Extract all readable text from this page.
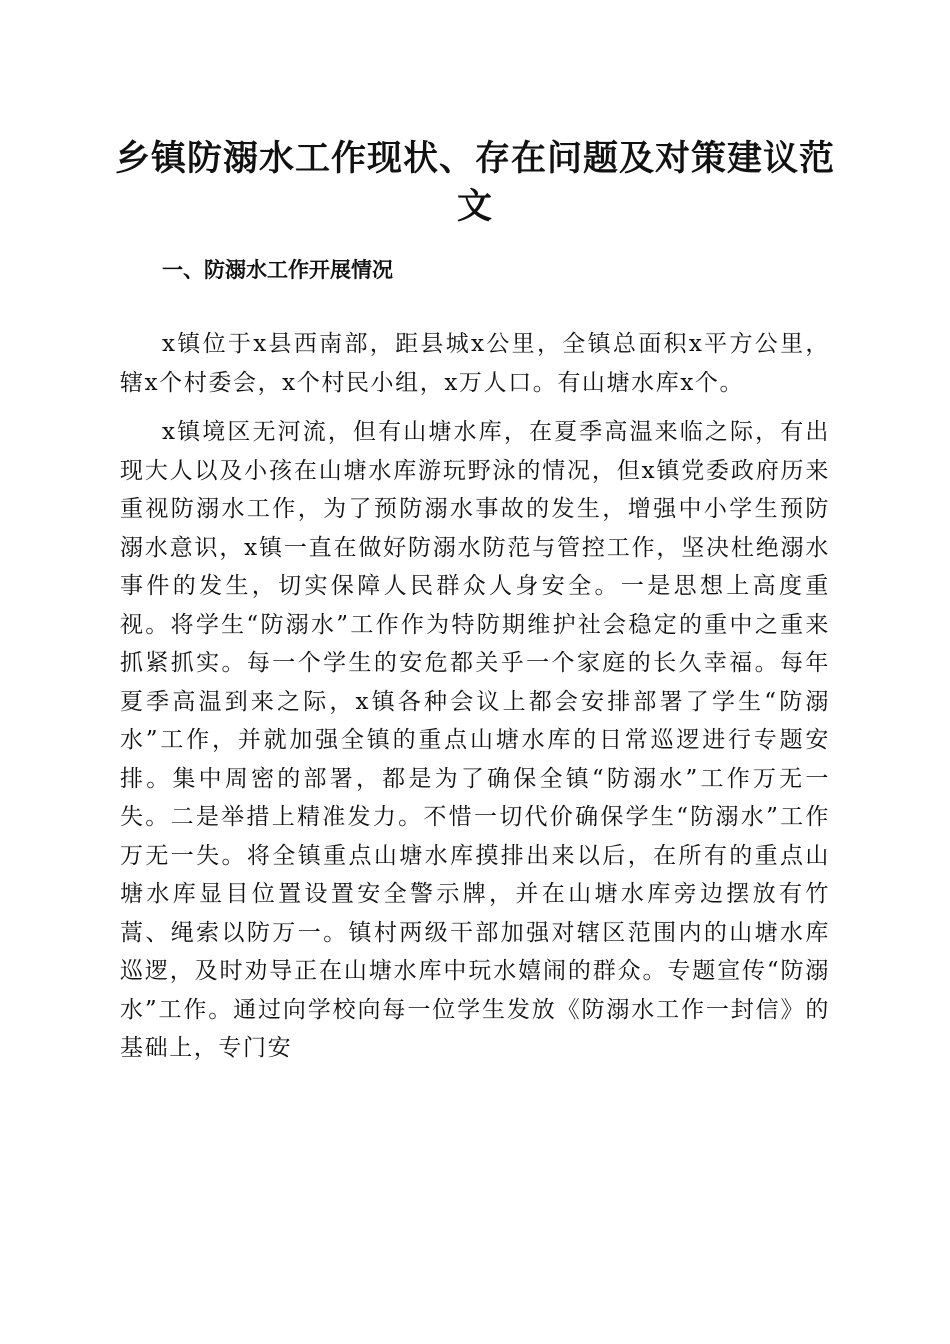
乡镇防溺水工作现状、存在问题及对策建议范文
一、防溺水工作开展情况

x镇位于x县西南部，距县城x公里，全镇总面积x平方公里，辖x个村委会，x个村民小组，x万人口。有山塘水库x个。

x镇境区无河流，但有山塘水库，在夏季高温来临之际，有出现大人以及小孩在山塘水库游玩野泳的情况，但x镇党委政府历来重视防溺水工作，为了预防溺水事故的发生，增强中小学生预防溺水意识，x镇一直在做好防溺水防范与管控工作，坚决杜绝溺水事件的发生，切实保障人民群众人身安全。一是思想上高度重视。将学生“防溺水”工作作为特防期维护社会稳定的重中之重来抓紧抓实。每一个学生的安危都关乎一个家庭的长久幸福。每年夏季高温到来之际，x镇各种会议上都会安排部署了学生“防溺水”工作，并就加强全镇的重点山塘水库的日常巡逻进行专题安排。集中周密的部署，都是为了确保全镇“防溺水”工作万无一失。二是举措上精准发力。不惜一切代价确保学生“防溺水”工作万无一失。将全镇重点山塘水库摸排出来以后，在所有的重点山塘水库显目位置设置安全警示牌，并在山塘水库旁边摆放有竹蒿、绳索以防万一。镇村两级干部加强对辖区范围内的山塘水库巡逻，及时劝导正在山塘水库中玩水嬉闹的群众。专题宣传“防溺水”工作。通过向学校向每一位学生发放《防溺水工作一封信》的基础上，专门安
